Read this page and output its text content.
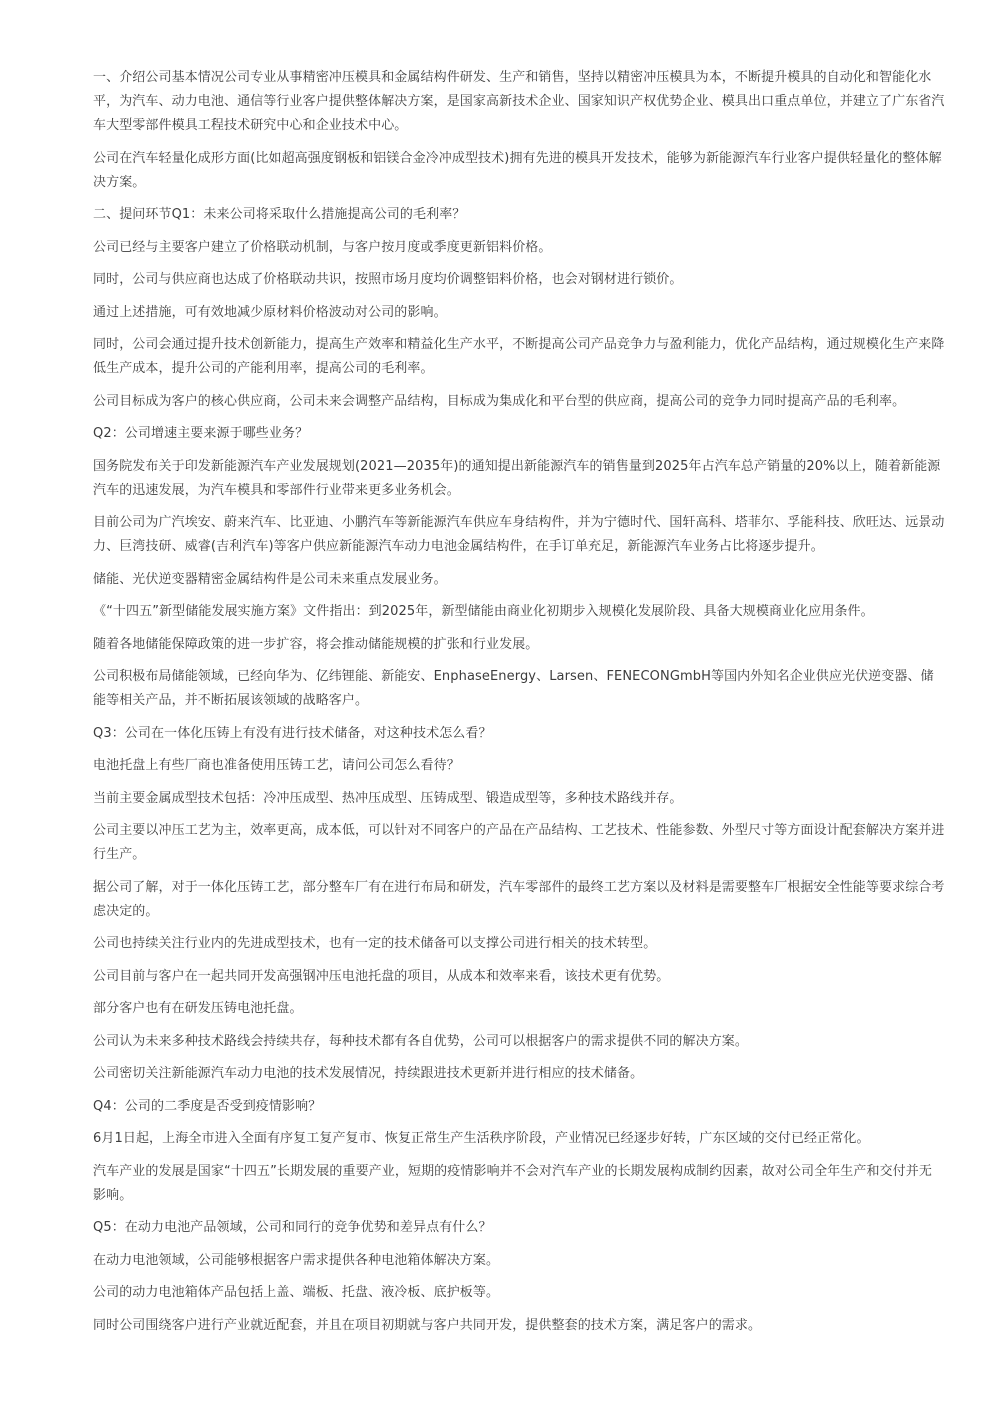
一、介绍公司基本情况公司专业从事精密冲压模具和金属结构件研发、生产和销售，坚持以精密冲压模具为本，不断提升模具的自动化和智能化水平，为汽车、动力电池、通信等行业客户提供整体解决方案，是国家高新技术企业、国家知识产权优势企业、模具出口重点单位，并建立了广东省汽车大型零部件模具工程技术研究中心和企业技术中心。

公司在汽车轻量化成形方面(比如超高强度钢板和铝镁合金冷冲成型技术)拥有先进的模具开发技术，能够为新能源汽车行业客户提供轻量化的整体解决方案。

二、提问环节Q1：未来公司将采取什么措施提高公司的毛利率？

公司已经与主要客户建立了价格联动机制，与客户按月度或季度更新铝料价格。

同时，公司与供应商也达成了价格联动共识，按照市场月度均价调整铝料价格，也会对钢材进行锁价。

通过上述措施，可有效地减少原材料价格波动对公司的影响。

同时，公司会通过提升技术创新能力，提高生产效率和精益化生产水平，不断提高公司产品竞争力与盈利能力，优化产品结构，通过规模化生产来降低生产成本，提升公司的产能利用率，提高公司的毛利率。

公司目标成为客户的核心供应商，公司未来会调整产品结构，目标成为集成化和平台型的供应商，提高公司的竞争力同时提高产品的毛利率。

Q2：公司增速主要来源于哪些业务？

国务院发布关于印发新能源汽车产业发展规划(2021—2035年)的通知提出新能源汽车的销售量到2025年占汽车总产销量的20%以上，随着新能源汽车的迅速发展，为汽车模具和零部件行业带来更多业务机会。

目前公司为广汽埃安、蔚来汽车、比亚迪、小鹏汽车等新能源汽车供应车身结构件，并为宁德时代、国轩高科、塔菲尔、孚能科技、欣旺达、远景动力、巨湾技研、威睿(吉利汽车)等客户供应新能源汽车动力电池金属结构件，在手订单充足，新能源汽车业务占比将逐步提升。

储能、光伏逆变器精密金属结构件是公司未来重点发展业务。

《“十四五”新型储能发展实施方案》文件指出：到2025年，新型储能由商业化初期步入规模化发展阶段、具备大规模商业化应用条件。

随着各地储能保障政策的进一步扩容，将会推动储能规模的扩张和行业发展。

公司积极布局储能领域，已经向华为、亿纬锂能、新能安、EnphaseEnergy、Larsen、FENECONGmbH等国内外知名企业供应光伏逆变器、储能等相关产品，并不断拓展该领域的战略客户。

Q3：公司在一体化压铸上有没有进行技术储备，对这种技术怎么看？

电池托盘上有些厂商也准备使用压铸工艺，请问公司怎么看待？

当前主要金属成型技术包括：冷冲压成型、热冲压成型、压铸成型、锻造成型等，多种技术路线并存。

公司主要以冲压工艺为主，效率更高，成本低，可以针对不同客户的产品在产品结构、工艺技术、性能参数、外型尺寸等方面设计配套解决方案并进行生产。

据公司了解，对于一体化压铸工艺，部分整车厂有在进行布局和研发，汽车零部件的最终工艺方案以及材料是需要整车厂根据安全性能等要求综合考虑决定的。

公司也持续关注行业内的先进成型技术，也有一定的技术储备可以支撑公司进行相关的技术转型。

公司目前与客户在一起共同开发高强钢冲压电池托盘的项目，从成本和效率来看，该技术更有优势。

部分客户也有在研发压铸电池托盘。

公司认为未来多种技术路线会持续共存，每种技术都有各自优势，公司可以根据客户的需求提供不同的解决方案。

公司密切关注新能源汽车动力电池的技术发展情况，持续跟进技术更新并进行相应的技术储备。

Q4：公司的二季度是否受到疫情影响？

6月1日起，上海全市进入全面有序复工复产复市、恢复正常生产生活秩序阶段，产业情况已经逐步好转，广东区域的交付已经正常化。

汽车产业的发展是国家“十四五”长期发展的重要产业，短期的疫情影响并不会对汽车产业的长期发展构成制约因素，故对公司全年生产和交付并无影响。

Q5：在动力电池产品领域，公司和同行的竞争优势和差异点有什么？

在动力电池领域，公司能够根据客户需求提供各种电池箱体解决方案。

公司的动力电池箱体产品包括上盖、端板、托盘、液冷板、底护板等。

同时公司围绕客户进行产业就近配套，并且在项目初期就与客户共同开发，提供整套的技术方案，满足客户的需求。
